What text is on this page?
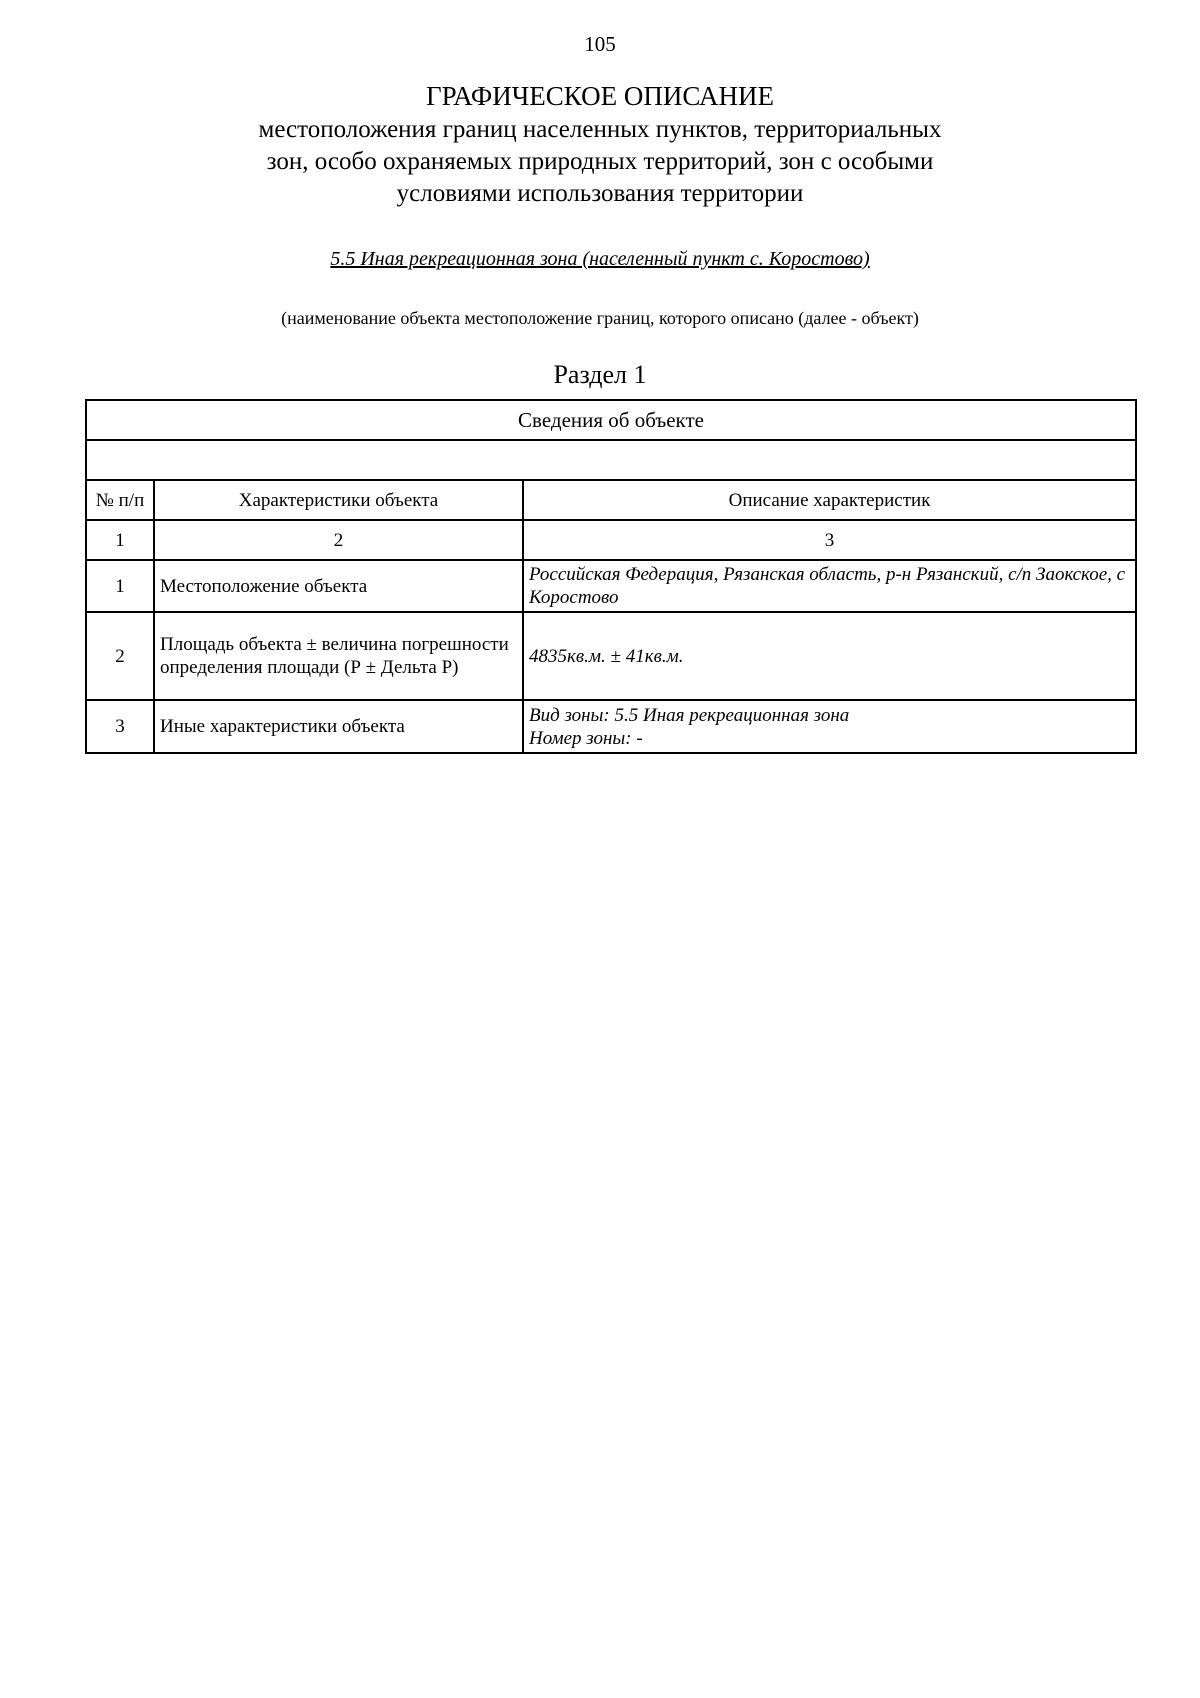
105
ГРАФИЧЕСКОЕ ОПИСАНИЕ
местоположения границ населенных пунктов, территориальных
зон, особо охраняемых природных территорий, зон с особыми
условиями использования территории
5.5 Иная рекреационная зона (населенный пункт с. Коростово)
(наименование объекта местоположение границ, которого описано (далее - объект)
Раздел 1
Сведения об объекте		

№ п/п	Характеристики объекта	Описание характеристик
1	2	3
1	Местоположение объекта	Российская Федерация, Рязанская область, р-н Рязанский, с/п Заокское, с Коростово

2	Площадь объекта ± величина погрешности определения площади (Р ± Дельта Р)	4835кв.м. ± 41кв.м.

3	Иные характеристики объекта	Вид зоны: 5.5 Иная рекреационная зона
Номер зоны: -
